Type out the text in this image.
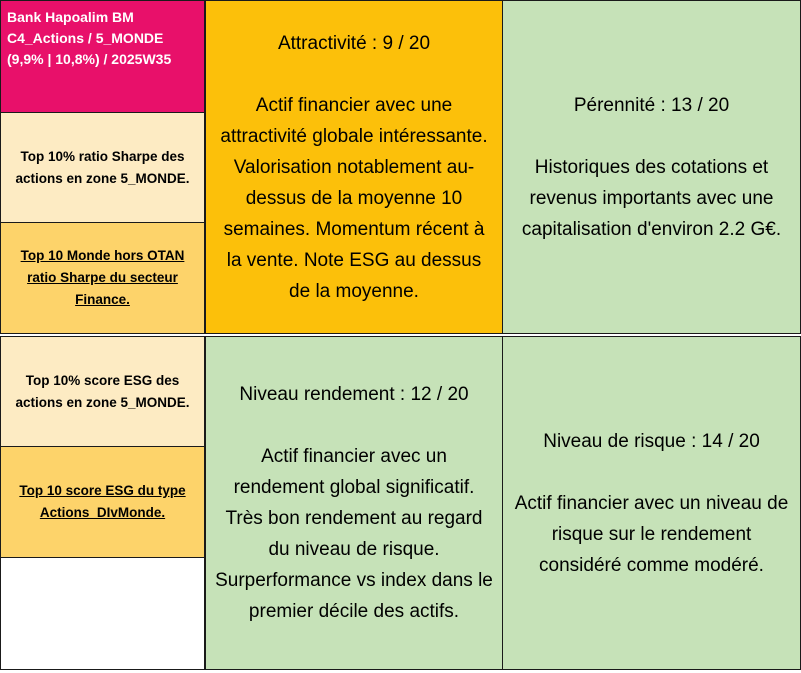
Bank Hapoalim BM
C4_Actions / 5_MONDE
(9,9% | 10,8%) / 2025W35
Top 10% ratio Sharpe des actions en zone 5_MONDE.
Top 10 Monde hors OTAN ratio Sharpe du secteur Finance.
Top 10% score ESG des actions en zone 5_MONDE.
Top 10 score ESG du type Actions_DIvMonde.
Attractivité : 9 / 20
Actif financier avec une attractivité globale intéressante. Valorisation notablement au-dessus de la moyenne 10 semaines. Momentum récent à la vente. Note ESG au dessus de la moyenne.
Pérennité : 13 / 20
Historiques des cotations et revenus importants avec une capitalisation d'environ 2.2 G€.
Niveau rendement : 12 / 20
Actif financier avec un rendement global significatif. Très bon rendement au regard du niveau de risque. Surperformance vs index dans le premier décile des actifs.
Niveau de risque : 14 / 20
Actif financier avec un niveau de risque sur le rendement considéré comme modéré.
